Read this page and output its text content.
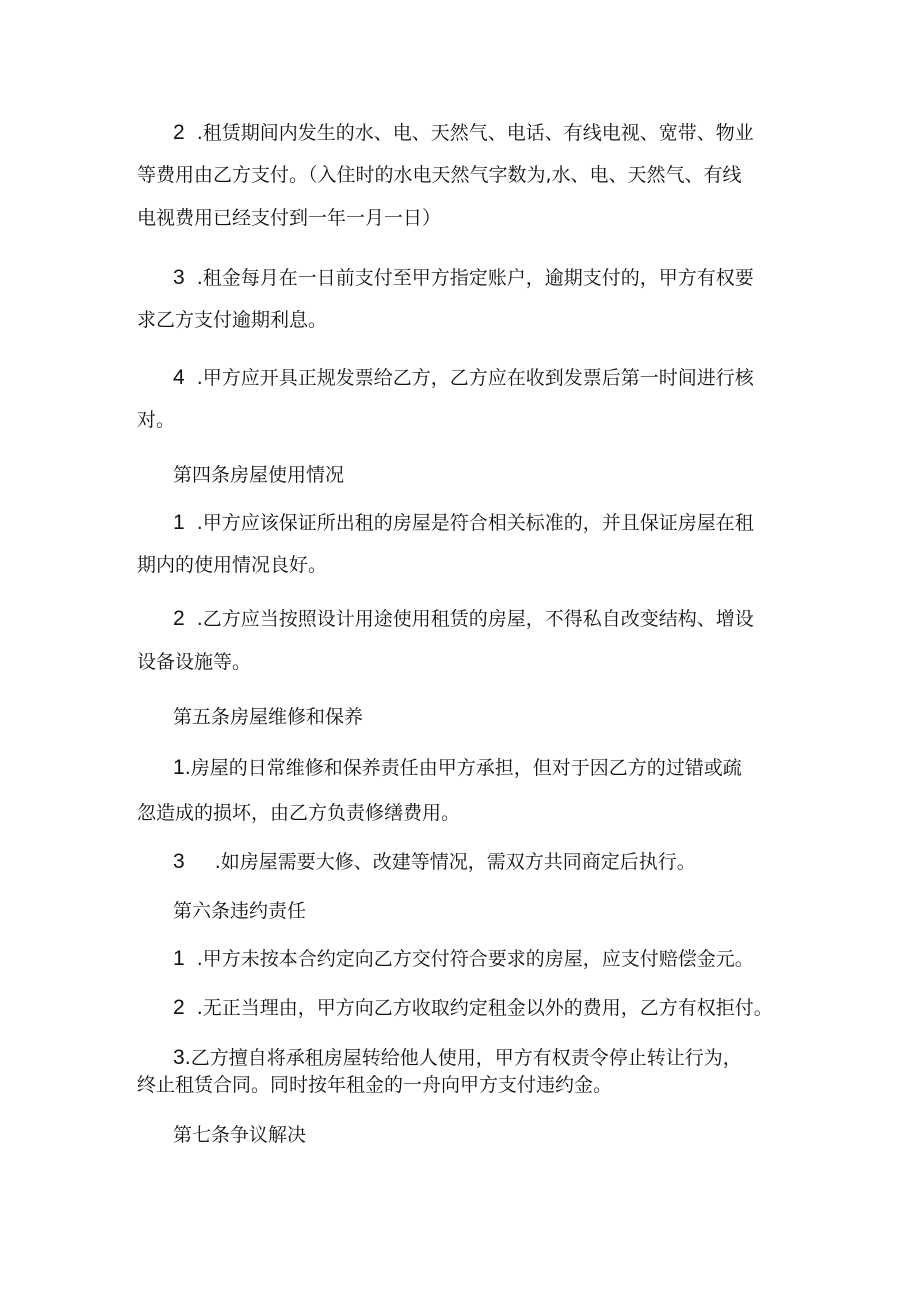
2 .租赁期间内发生的水、电、天然气、电话、有线电视、宽带、物业
等费用由乙方支付。（入住时的水电天然气字数为,水、电、天然气、有线
电视费用已经支付到一年一月一日）
3 .租金每月在一日前支付至甲方指定账户，逾期支付的，甲方有权要
求乙方支付逾期利息。
4 .甲方应开具正规发票给乙方，乙方应在收到发票后第一时间进行核
对。
第四条房屋使用情况
1 .甲方应该保证所出租的房屋是符合相关标准的，并且保证房屋在租
期内的使用情况良好。
2 .乙方应当按照设计用途使用租赁的房屋，不得私自改变结构、增设
设备设施等。
第五条房屋维修和保养
1.房屋的日常维修和保养责任由甲方承担，但对于因乙方的过错或疏
忽造成的损坏，由乙方负责修缮费用。
3 .如房屋需要大修、改建等情况，需双方共同商定后执行。
第六条违约责任
1 .甲方未按本合约定向乙方交付符合要求的房屋，应支付赔偿金元。
2 .无正当理由，甲方向乙方收取约定租金以外的费用，乙方有权拒付。
3.乙方擅自将承租房屋转给他人使用，甲方有权责令停止转让行为，
终止租赁合同。同时按年租金的一舟向甲方支付违约金。
第七条争议解决
